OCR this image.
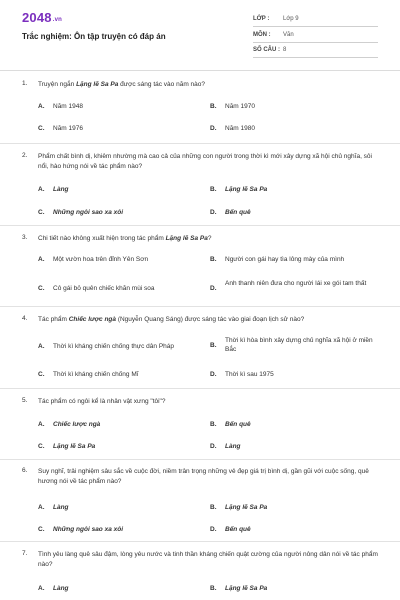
2048.vn
Trắc nghiệm: Ôn tập truyện có đáp án
LỚP : Lớp 9
MÔN : Văn
SỐ CÂU : 8
1. Truyện ngắn Lặng lẽ Sa Pa được sáng tác vào năm nào?
A. Năm 1948	B. Năm 1970
C. Năm 1976	D. Năm 1980
2. Phẩm chất bình dị, khiêm nhường mà cao cả của những con người trong thời kì mới xây dựng xã hội chủ nghĩa, sôi nổi, hào hứng nói về tác phẩm nào?
A. Làng	B. Lặng lẽ Sa Pa
C. Những ngôi sao xa xôi	D. Bến quê
3. Chi tiết nào không xuất hiện trong tác phẩm Lặng lẽ Sa Pa?
A. Một vườn hoa trên đỉnh Yên Sơn	B. Người con gái hay tìa lông mày của mình
C. Cô gái bỏ quên chiếc khăn mùi soa	D.
Anh thanh niên đưa cho người lái xe gói tam thất
4. Tác phẩm Chiếc lược ngà (Nguyễn Quang Sáng) được sáng tác vào giai đoạn lịch sử nào?
A. Thời kì kháng chiến chống thực dân Pháp	B.
Thời kì hòa bình xây dựng chủ nghĩa xã hội ở miền Bắc
C. Thời kì kháng chiến chống Mĩ	D. Thời kì sau 1975
5. Tác phẩm có ngôi kể là nhân vật xưng "tôi"?
A. Chiếc lược ngà	B. Bến quê
C. Lặng lẽ Sa Pa	D. Làng
6. Suy nghĩ, trải nghiệm sâu sắc về cuộc đời, niềm trân trọng những vẻ đẹp giá trị bình dị, gần gũi với cuộc sống, quê hương nói về tác phẩm nào?
A. Làng	B. Lặng lẽ Sa Pa
C. Những ngôi sao xa xôi	D. Bến quê
7. Tình yêu làng quê sâu đậm, lòng yêu nước và tinh thần kháng chiến quật cường của người nông dân nói về tác phẩm nào?
A. Làng	B. Lặng lẽ Sa Pa
